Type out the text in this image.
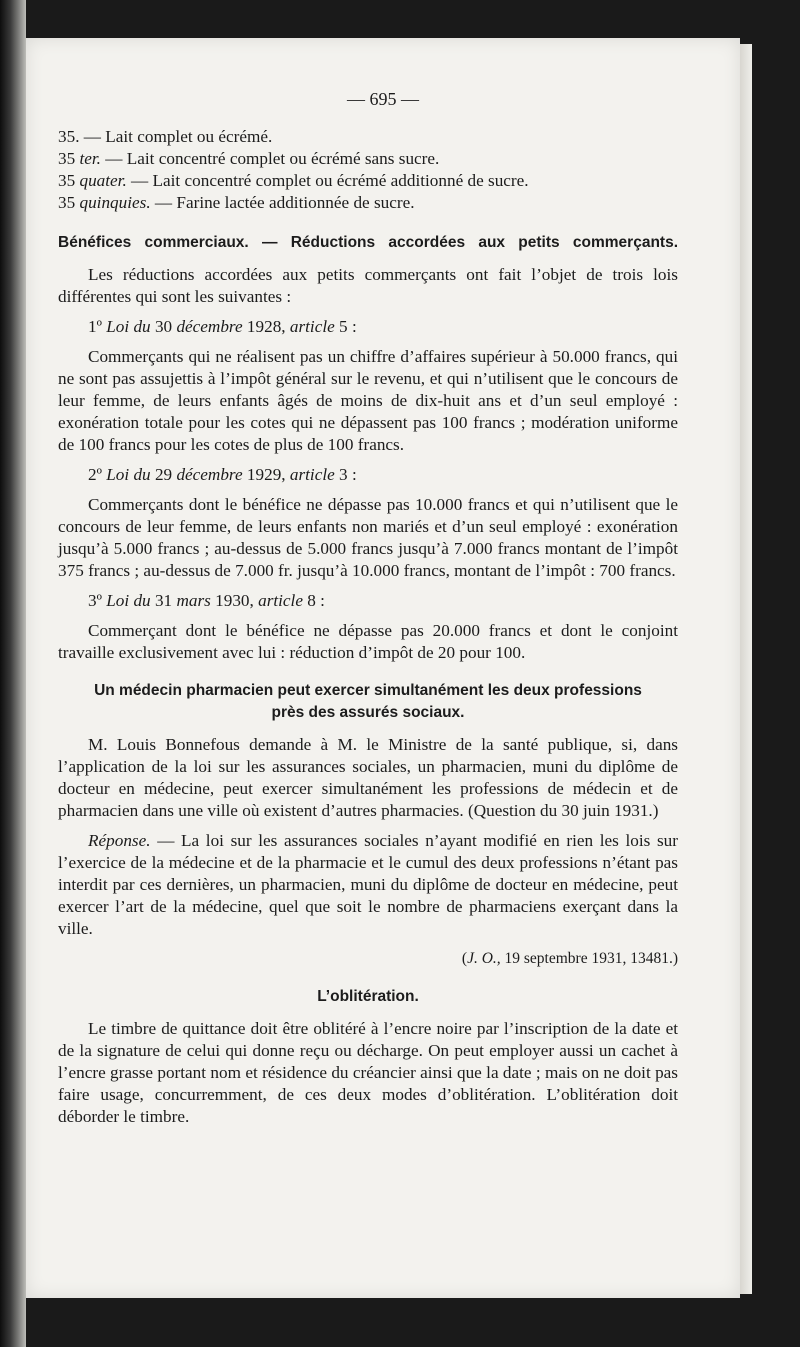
— 695 —
35. — Lait complet ou écrémé.
35 ter. — Lait concentré complet ou écrémé sans sucre.
35 quater. — Lait concentré complet ou écrémé additionné de sucre.
35 quinquies. — Farine lactée additionnée de sucre.
Bénéfices commerciaux. — Réductions accordées aux petits commerçants.

Les réductions accordées aux petits commerçants ont fait l’objet de trois lois différentes qui sont les suivantes :

1º Loi du 30 décembre 1928, article 5 :

Commerçants qui ne réalisent pas un chiffre d’affaires supérieur à 50.000 francs, qui ne sont pas assujettis à l’impôt général sur le revenu, et qui n’utilisent que le concours de leur femme, de leurs enfants âgés de moins de dix-huit ans et d’un seul employé : exonération totale pour les cotes qui ne dépassent pas 100 francs ; modération uniforme de 100 francs pour les cotes de plus de 100 francs.

2º Loi du 29 décembre 1929, article 3 :

Commerçants dont le bénéfice ne dépasse pas 10.000 francs et qui n’utilisent que le concours de leur femme, de leurs enfants non mariés et d’un seul employé : exonération jusqu’à 5.000 francs ; au-dessus de 5.000 francs jusqu’à 7.000 francs montant de l’impôt 375 francs ; au-dessus de 7.000 fr. jusqu’à 10.000 francs, montant de l’impôt : 700 francs.

3º Loi du 31 mars 1930, article 8 :

Commerçant dont le bénéfice ne dépasse pas 20.000 francs et dont le conjoint travaille exclusivement avec lui : réduction d’impôt de 20 pour 100.

Un médecin pharmacien peut exercer simultanément les deux professions
près des assurés sociaux.

M. Louis Bonnefous demande à M. le Ministre de la santé publique, si, dans l’application de la loi sur les assurances sociales, un pharmacien, muni du diplôme de docteur en médecine, peut exercer simultanément les professions de médecin et de pharmacien dans une ville où existent d’autres pharmacies. (Question du 30 juin 1931.)

Réponse. — La loi sur les assurances sociales n’ayant modifié en rien les lois sur l’exercice de la médecine et de la pharmacie et le cumul des deux professions n’étant pas interdit par ces dernières, un pharmacien, muni du diplôme de docteur en médecine, peut exercer l’art de la médecine, quel que soit le nombre de pharmaciens exerçant dans la ville.

(J. O., 19 septembre 1931, 13481.)
L’oblitération.

Le timbre de quittance doit être oblitéré à l’encre noire par l’inscription de la date et de la signature de celui qui donne reçu ou décharge. On peut employer aussi un cachet à l’encre grasse portant nom et résidence du créancier ainsi que la date ; mais on ne doit pas faire usage, concurremment, de ces deux modes d’oblitération. L’oblitération doit déborder le timbre.
